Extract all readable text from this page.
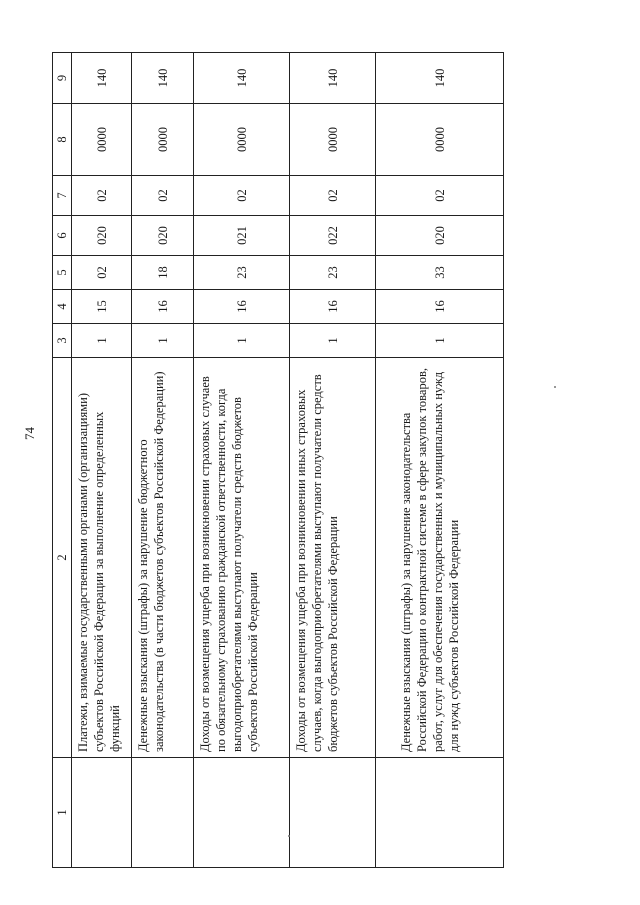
74
1	2	3	4	5	6	7	8	9
	Платежи, взимаемые государственными органами (организациями) субъектов Российской Федерации за выполнение определенных функций	1	15	02	020	02	0000	140
	Денежные взыскания (штрафы) за нарушение бюджетного законодательства (в части бюджетов субъектов Российской Федерации)	1	16	18	020	02	0000	140
	Доходы от возмещения ущерба при возникновении страховых случаев по обязательному страхованию гражданской ответственности, когда выгодоприобретателями выступают получатели средств бюджетов субъектов Российской Федерации	1	16	23	021	02	0000	140
	Доходы от возмещения ущерба при возникновении иных страховых случаев, когда выгодоприобретателями выступают получатели средств бюджетов субъектов Российской Федерации	1	16	23	022	02	0000	140
	Денежные взыскания (штрафы) за нарушение законодательства Российской Федерации о контрактной системе в сфере закупок товаров, работ, услуг для обеспечения государственных и муниципальных нужд для нужд субъектов Российской Федерации	1	16	33	020	02	0000	140
